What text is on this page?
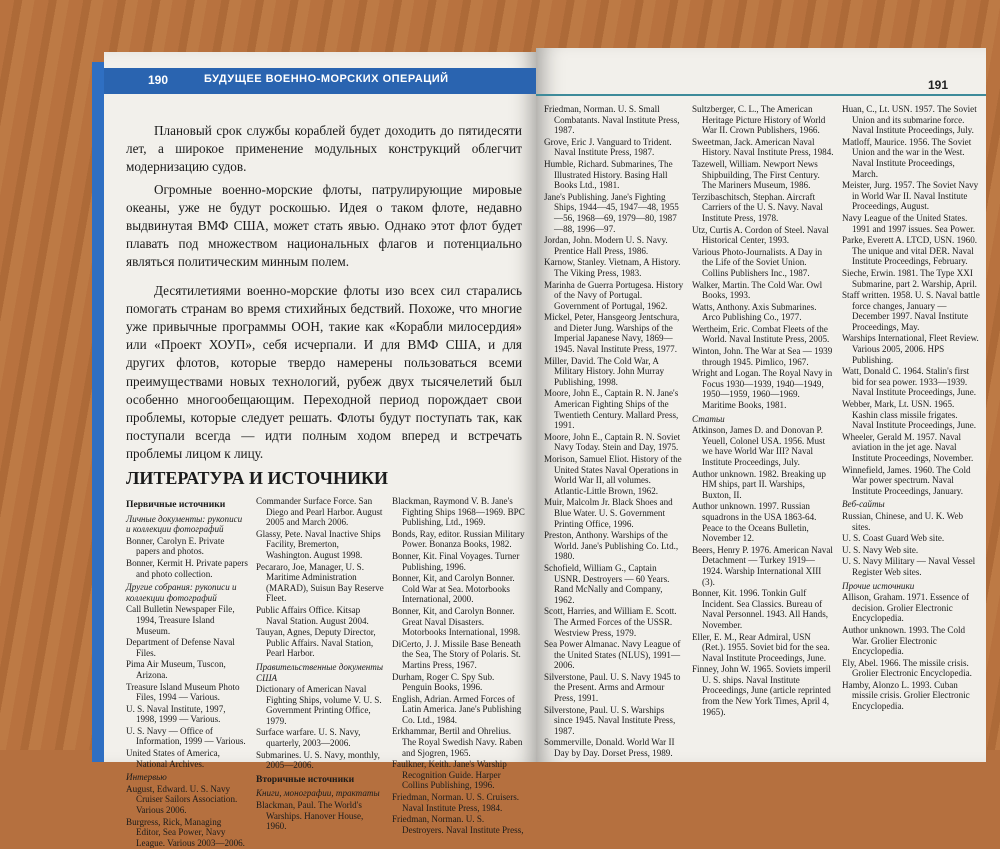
190	БУДУЩЕЕ ВОЕННО-МОРСКИХ ОПЕРАЦИЙ

Плановый срок службы кораблей будет доходить до пятидесяти лет, а широкое применение модульных конструкций облегчит модернизацию судов.

Огромные военно-морские флоты, патрулирующие мировые океаны, уже не будут роскошью. Идея о таком флоте, недавно выдвинутая ВМФ США, может стать явью. Однако этот флот будет плавать под множеством национальных флагов и потенциально являться политическим минным полем.

Десятилетиями военно-морские флоты изо всех сил старались помогать странам во время стихийных бедствий. Похоже, что многие уже привычные программы ООН, такие как «Корабли милосердия» или «Проект ХОУП», себя исчерпали. И для ВМФ США, и для других флотов, которые твердо намерены пользоваться всеми преимуществами новых технологий, рубеж двух тысячелетий был особенно многообещающим. Переходной период порождает свои проблемы, которые следует решать. Флоты будут поступать так, как поступали всегда — идти полным ходом вперед и встречать проблемы лицом к лицу.

ЛИТЕРАТУРА И ИСТОЧНИКИ
Первичные источники
Личные документы: рукописи и коллекции фотографий
Bonner, Carolyn E. Private papers and photos.
Bonner, Kermit H. Private papers and photo collection.
Другие собрания: рукописи и коллекции фотографий
Call Bulletin Newspaper File, 1994, Treasure Island Museum.
Department of Defense Naval Files.
Pima Air Museum, Tuscon, Arizona.
Treasure Island Museum Photo Files, 1994 — Various.
U. S. Naval Institute, 1997, 1998, 1999 — Various.
U. S. Navy — Office of Information, 1999 — Various.
United States of America, National Archives.
Интервью
August, Edward. U. S. Navy Cruiser Sailors Association. Various 2006.
Burgress, Rick, Managing Editor, Sea Power, Navy League. Various 2003—2006.
Commander Surface Force. San Diego and Pearl Harbor. August 2005 and March 2006.
Glassy, Pete. Naval Inactive Ships Facility, Bremerton, Washington. August 1998.
Pecararo, Joe, Manager, U. S. Maritime Administration (MARAD), Suisun Bay Reserve Fleet.
Public Affairs Office. Kitsap Naval Station. August 2004.
Tauyan, Agnes, Deputy Director, Public Affairs. Naval Station, Pearl Harbor.
Правительственные документы США
Dictionary of American Naval Fighting Ships, volume V. U. S. Government Printing Office, 1979.
Surface warfare. U. S. Navy, quarterly, 2003—2006.
Submarines. U. S. Navy, monthly, 2005—2006.
Вторичные источники
Книги, монографии, трактаты
Blackman, Paul. The World's Warships. Hanover House, 1960.
Blackman, Raymond V. B. Jane's Fighting Ships 1968—1969. BPC Publishing, Ltd., 1969.
Bonds, Ray, editor. Russian Military Power. Bonanza Books, 1982.
Bonner, Kit. Final Voyages. Turner Publishing, 1996.
Bonner, Kit, and Carolyn Bonner. Cold War at Sea. Motorbooks International, 2000.
Bonner, Kit, and Carolyn Bonner. Great Naval Disasters. Motorbooks International, 1998.
DiCerto, J. J. Missile Base Beneath the Sea, The Story of Polaris. St. Martins Press, 1967.
Durham, Roger C. Spy Sub. Penguin Books, 1996.
English, Adrian. Armed Forces of Latin America. Jane's Publishing Co. Ltd., 1984.
Erkhammar, Bertil and Ohrelius. The Royal Swedish Navy. Raben and Sjogren, 1965.
Faulkner, Keith. Jane's Warship Recognition Guide. Harper Collins Publishing, 1996.
Friedman, Norman. U. S. Cruisers. Naval Institute Press, 1984.
Friedman, Norman. U. S. Destroyers. Naval Institute Press,
191
Friedman, Norman. U. S. Small Combatants. Naval Institute Press, 1987.
Grove, Eric J. Vanguard to Trident. Naval Institute Press, 1987.
Humble, Richard. Submarines, The Illustrated History. Basing Hall Books Ltd., 1981.
Jane's Publishing. Jane's Fighting Ships, 1944—45, 1947—48, 1955—56, 1968—69, 1979—80, 1987—88, 1996—97.
Jordan, John. Modern U. S. Navy. Prentice Hall Press, 1986.
Karnow, Stanley. Vietnam, A History. The Viking Press, 1983.
Marinha de Guerra Portugesa. History of the Navy of Portugal. Government of Portugal, 1962.
Mickel, Peter, Hansgeorg Jentschura, and Dieter Jung. Warships of the Imperial Japanese Navy, 1869—1945. Naval Institute Press, 1977.
Miller, David. The Cold War, A Military History. John Murray Publishing, 1998.
Moore, John E., Captain R. N. Jane's American Fighting Ships of the Twentieth Century. Mallard Press, 1991.
Moore, John E., Captain R. N. Soviet Navy Today. Stein and Day, 1975.
Morison, Samuel Eliot. History of the United States Naval Operations in World War II, all volumes. Atlantic-Little Brown, 1962.
Muir, Malcolm Jr. Black Shoes and Blue Water. U. S. Government Printing Office, 1996.
Preston, Anthony. Warships of the World. Jane's Publishing Co. Ltd., 1980.
Schofield, William G., Captain USNR. Destroyers — 60 Years. Rand McNally and Company, 1962.
Scott, Harries, and William E. Scott. The Armed Forces of the USSR. Westview Press, 1979.
Sea Power Almanac. Navy League of the United States (NLUS), 1991—2006.
Silverstone, Paul. U. S. Navy 1945 to the Present. Arms and Armour Press, 1991.
Silverstone, Paul. U. S. Warships since 1945. Naval Institute Press, 1987.
Sommerville, Donald. World War II Day by Day. Dorset Press, 1989.
Sultzberger, C. L., The American Heritage Picture History of World War II. Crown Publishers, 1966.
Sweetman, Jack. American Naval History. Naval Institute Press, 1984.
Tazewell, William. Newport News Shipbuilding, The First Century. The Mariners Museum, 1986.
Terzibaschitsch, Stephan. Aircraft Carriers of the U. S. Navy. Naval Institute Press, 1978.
Utz, Curtis A. Cordon of Steel. Naval Historical Center, 1993.
Various Photo-Journalists. A Day in the Life of the Soviet Union. Collins Publishers Inc., 1987.
Walker, Martin. The Cold War. Owl Books, 1993.
Watts, Anthony. Axis Submarines. Arco Publishing Co., 1977.
Wertheim, Eric. Combat Fleets of the World. Naval Institute Press, 2005.
Winton, John. The War at Sea — 1939 through 1945. Pimlico, 1967.
Wright and Logan. The Royal Navy in Focus 1930—1939, 1940—1949, 1950—1959, 1960—1969. Maritime Books, 1981.
Статьи
Atkinson, James D. and Donovan P. Yeuell, Colonel USA. 1956. Must we have World War III? Naval Institute Proceedings, July.
Author unknown. 1982. Breaking up HM ships, part II. Warships, Buxton, II.
Author unknown. 1997. Russian squadrons in the USA 1863-64. Peace to the Oceans Bulletin, November 12.
Beers, Henry P. 1976. American Naval Detachment — Turkey 1919—1924. Warship International XIII (3).
Bonner, Kit. 1996. Tonkin Gulf Incident. Sea Classics. Bureau of Naval Personnel. 1943. All Hands, November.
Eller, E. M., Rear Admiral, USN (Ret.). 1955. Soviet bid for the sea. Naval Institute Proceedings, June.
Finney, John W. 1965. Soviets imperil U. S. ships. Naval Institute Proceedings, June (article reprinted from the New York Times, April 4, 1965).
Huan, C., Lt. USN. 1957. The Soviet Union and its submarine force. Naval Institute Proceedings, July.
Matloff, Maurice. 1956. The Soviet Union and the war in the West. Naval Institute Proceedings, March.
Meister, Jurg. 1957. The Soviet Navy in World War II. Naval Institute Proceedings, August.
Navy League of the United States. 1991 and 1997 issues. Sea Power.
Parke, Everett A. LTCD, USN. 1960. The unique and vital DER. Naval Institute Proceedings, February.
Sieche, Erwin. 1981. The Type XXI Submarine, part 2. Warship, April.
Staff written. 1958. U. S. Naval battle force changes, January — December 1997. Naval Institute Proceedings, May.
Warships International, Fleet Review. Various 2005, 2006. HPS Publishing.
Watt, Donald C. 1964. Stalin's first bid for sea power. 1933—1939. Naval Institute Proceedings, June.
Webber, Mark, Lt. USN. 1965. Kashin class missile frigates. Naval Institute Proceedings, June.
Wheeler, Gerald M. 1957. Naval aviation in the jet age. Naval Institute Proceedings, November.
Winnefield, James. 1960. The Cold War power spectrum. Naval Institute Proceedings, January.
Веб-сайты
Russian, Chinese, and U. K. Web sites.
U. S. Coast Guard Web site.
U. S. Navy Web site.
U. S. Navy Military — Naval Vessel Register Web sites.
Прочие источники
Allison, Graham. 1971. Essence of decision. Grolier Electronic Encyclopedia.
Author unknown. 1993. The Cold War. Grolier Electronic Encyclopedia.
Ely, Abel. 1966. The missile crisis. Grolier Electronic Encyclopedia.
Hamby, Alonzo L. 1993. Cuban missile crisis. Grolier Electronic Encyclopedia.
